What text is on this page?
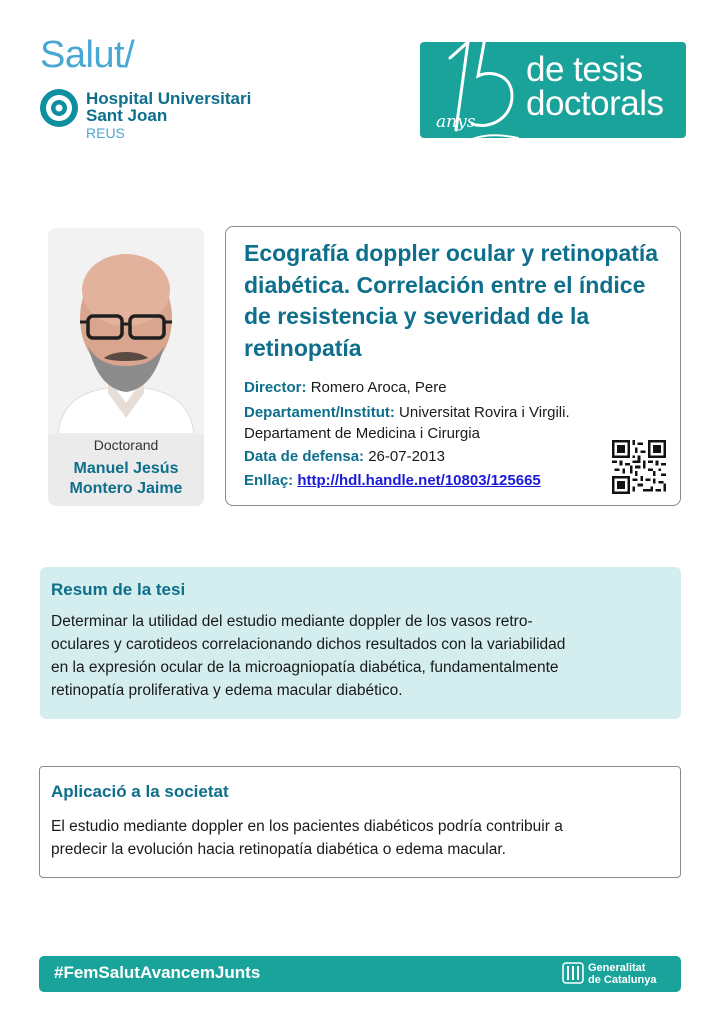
Salut/
Hospital Universitari
Sant Joan
REUS
15
de tesis
doctorals
anys
Doctorand
Manuel Jesús
Montero Jaime
Ecografía doppler ocular y retinopatía diabética. Correlación entre el índice de resistencia y severidad de la retinopatía
Director: Romero Aroca, Pere
Departament/Institut: Universitat Rovira i Virgili.
Departament de Medicina i Cirurgia
Data de defensa: 26-07-2013
Enllaç: http://hdl.handle.net/10803/125665
Resum de la tesi
Determinar la utilidad del estudio mediante doppler de los vasos retro-
oculares y carotideos correlacionando dichos resultados con la variabilidad
en la expresión ocular de la microagniopatía diabética, fundamentalmente
retinopatía proliferativa y edema macular diabético.
Aplicació a la societat
El estudio mediante doppler en los pacientes diabéticos podría contribuir a
predecir la evolución hacia retinopatía diabética o edema macular.
#FemSalutAvancemJunts	Generalitat
de Catalunya
